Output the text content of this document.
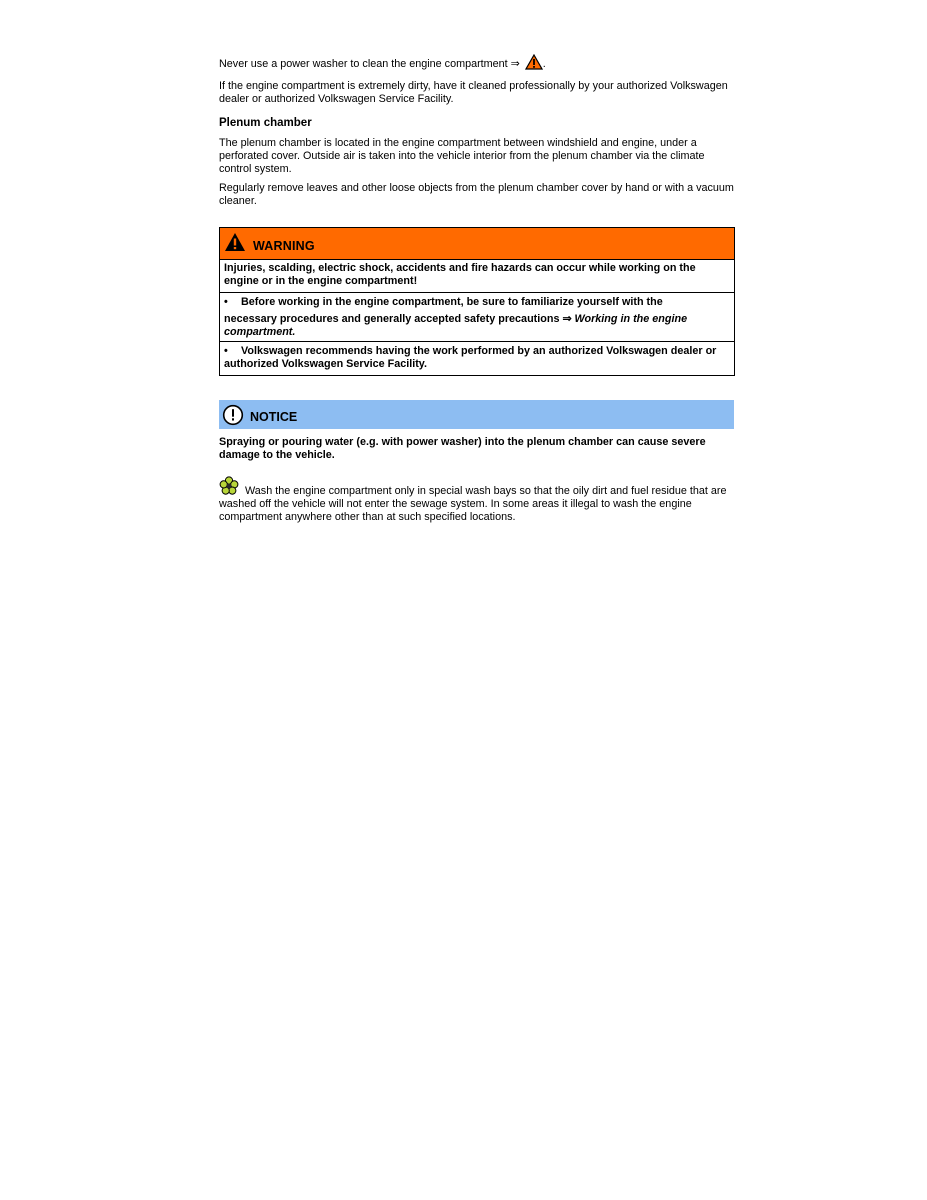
Never use a power washer to clean the engine compartment ⇒ .

If the engine compartment is extremely dirty, have it cleaned professionally by your authorized Volkswagen dealer or authorized Volkswagen Service Facility.

Plenum chamber

The plenum chamber is located in the engine compartment between windshield and engine, under a perforated cover. Outside air is taken into the vehicle interior from the plenum chamber via the climate control system.

Regularly remove leaves and other loose objects from the plenum chamber cover by hand or with a vacuum cleaner.

WARNING

Injuries, scalding, electric shock, accidents and fire hazards can occur while working on the engine or in the engine compartment!

• Before working in the engine compartment, be sure to familiarize yourself with the
necessary procedures and generally accepted safety precautions ⇒ Working in the engine compartment.
• Volkswagen recommends having the work performed by an authorized Volkswagen dealer or authorized Volkswagen Service Facility.
NOTICE

Spraying or pouring water (e.g. with power washer) into the plenum chamber can cause severe damage to the vehicle.

Wash the engine compartment only in special wash bays so that the oily dirt and fuel residue that are washed off the vehicle will not enter the sewage system. In some areas it illegal to wash the engine compartment anywhere other than at such specified locations.
